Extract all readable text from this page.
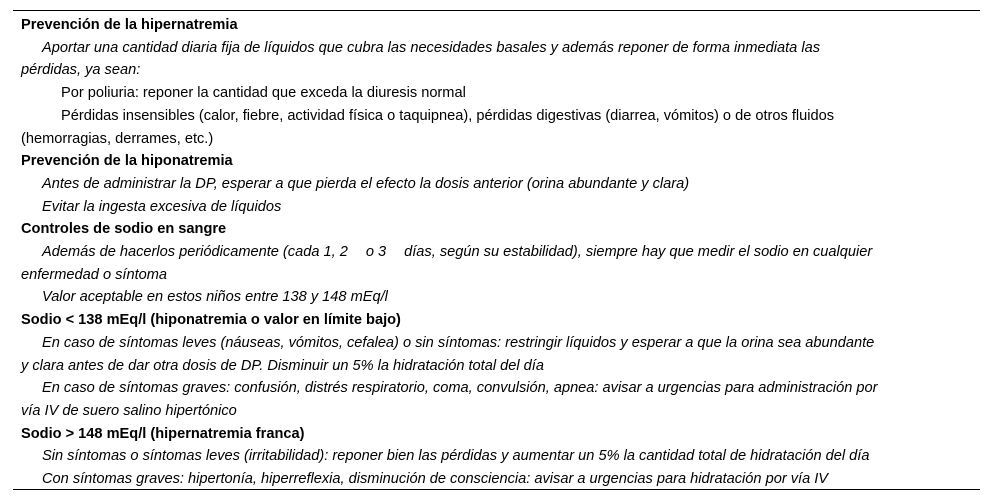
Prevención de la hipernatremia
Aportar una cantidad diaria fija de líquidos que cubra las necesidades basales y además reponer de forma inmediata las
pérdidas, ya sean:
Por poliuria: reponer la cantidad que exceda la diuresis normal
Pérdidas insensibles (calor, fiebre, actividad física o taquipnea), pérdidas digestivas (diarrea, vómitos) o de otros fluidos
(hemorragias, derrames, etc.)
Prevención de la hiponatremia
Antes de administrar la DP, esperar a que pierda el efecto la dosis anterior (orina abundante y clara)
Evitar la ingesta excesiva de líquidos
Controles de sodio en sangre
Además de hacerlos periódicamente (cada 1, 2 o 3 días, según su estabilidad), siempre hay que medir el sodio en cualquier
enfermedad o síntoma
Valor aceptable en estos niños entre 138 y 148 mEq/l
Sodio < 138 mEq/l (hiponatremia o valor en límite bajo)
En caso de síntomas leves (náuseas, vómitos, cefalea) o sin síntomas: restringir líquidos y esperar a que la orina sea abundante
y clara antes de dar otra dosis de DP. Disminuir un 5% la hidratación total del día
En caso de síntomas graves: confusión, distrés respiratorio, coma, convulsión, apnea: avisar a urgencias para administración por
vía IV de suero salino hipertónico
Sodio > 148 mEq/l (hipernatremia franca)
Sin síntomas o síntomas leves (irritabilidad): reponer bien las pérdidas y aumentar un 5% la cantidad total de hidratación del día
Con síntomas graves: hipertonía, hiperreflexia, disminución de consciencia: avisar a urgencias para hidratación por vía IV
